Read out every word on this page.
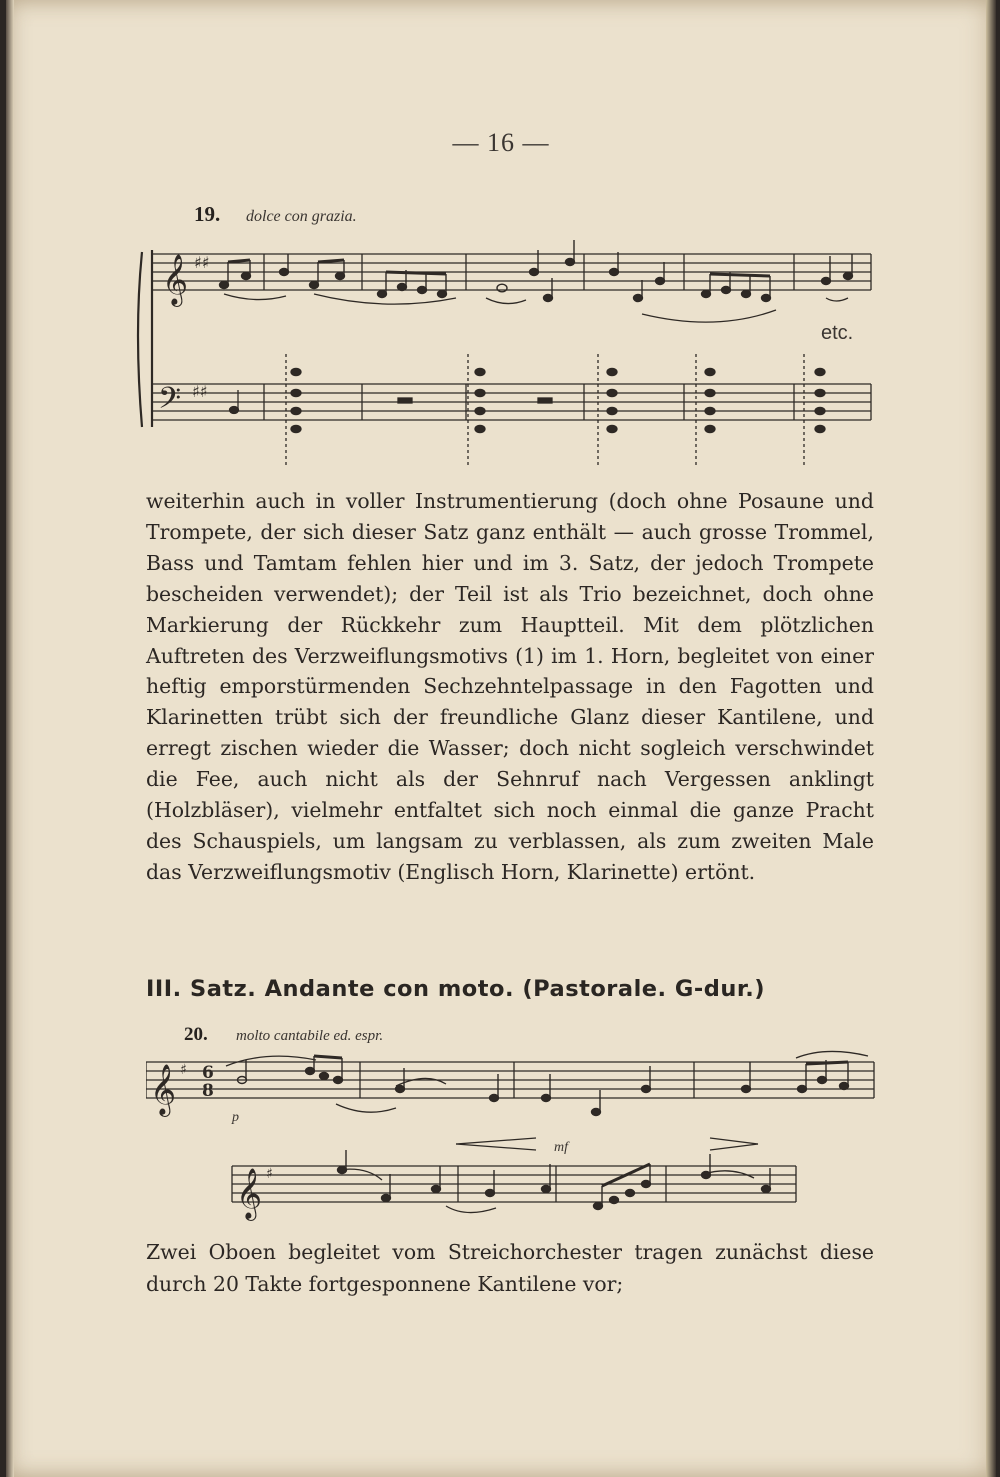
— 16 —
19. dolce con grazia.
etc.
𝄞
𝄢
♯♯
♯♯

weiterhin auch in voller Instrumentierung (doch ohne Posaune und Trompete, der sich dieser Satz ganz enthält — auch grosse Trommel, Bass und Tamtam fehlen hier und im 3. Satz, der jedoch Trompete bescheiden verwendet); der Teil ist als Trio bezeichnet, doch ohne Markierung der Rückkehr zum Hauptteil. Mit dem plötzlichen Auftreten des Verzweiflungsmotivs (1) im 1. Horn, begleitet von einer heftig emporstürmenden Sechzehntelpassage in den Fagotten und Klarinetten trübt sich der freundliche Glanz dieser Kantilene, und erregt zischen wieder die Wasser; doch nicht sogleich verschwindet die Fee, auch nicht als der Sehnruf nach Vergessen anklingt (Holzbläser), vielmehr entfaltet sich noch einmal die ganze Pracht des Schauspiels, um langsam zu verblassen, als zum zweiten Male das Verzweiflungsmotiv (Englisch Horn, Klarinette) ertönt.

III. Satz. Andante con moto. (Pastorale. G-dur.)
20. molto cantabile ed. espr.
p
mf
𝄞 ♯ 6
8
𝄞 ♯

Zwei Oboen begleitet vom Streichorchester tragen zunächst diese durch 20 Takte fortgesponnene Kantilene vor;
